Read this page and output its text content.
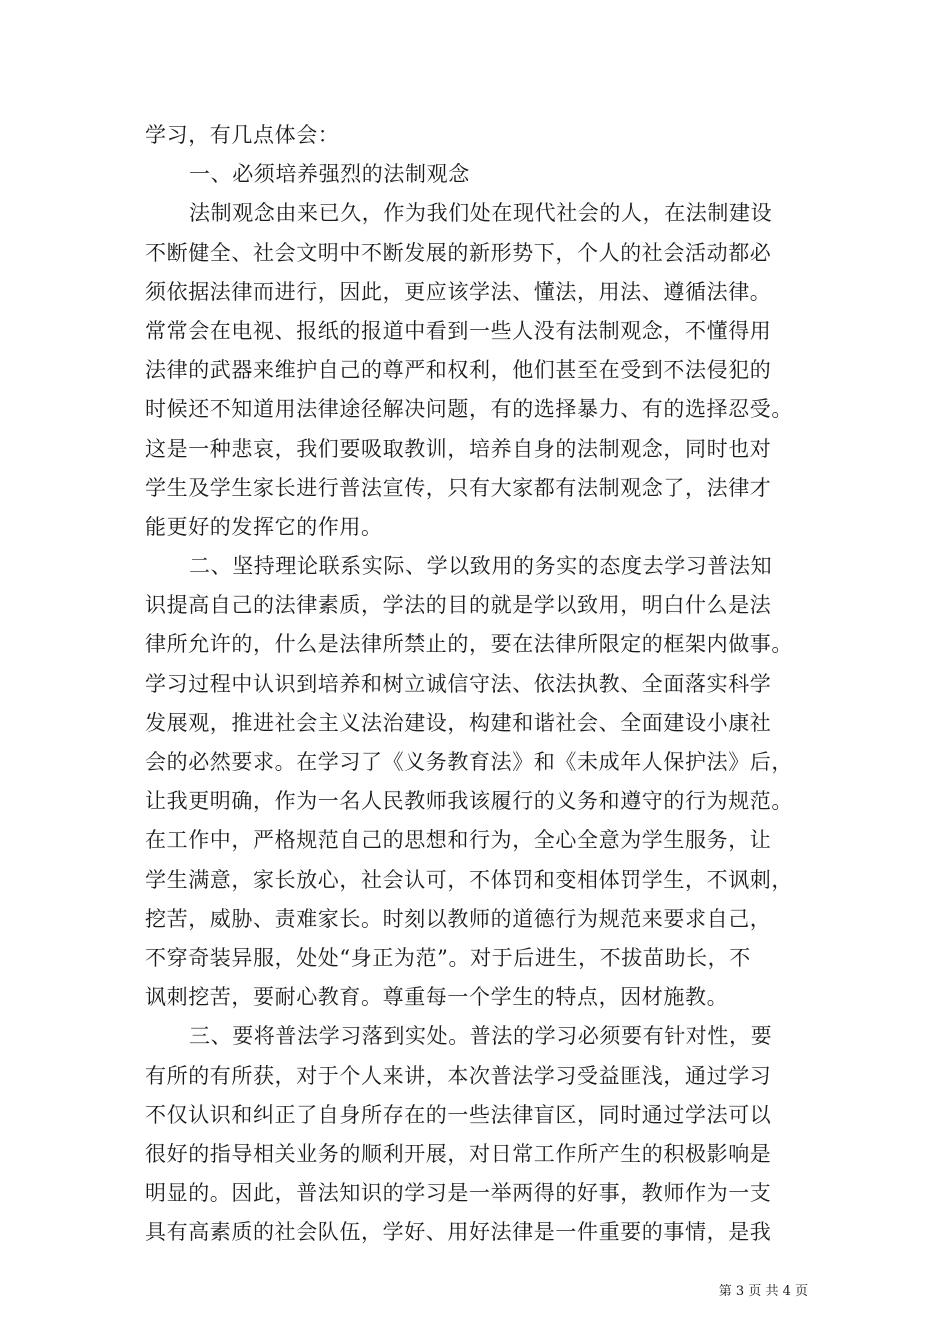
学习，有几点体会：
一、必须培养强烈的法制观念
法制观念由来已久，作为我们处在现代社会的人，在法制建设
不断健全、社会文明中不断发展的新形势下，个人的社会活动都必
须依据法律而进行，因此，更应该学法、懂法，用法、遵循法律。
常常会在电视、报纸的报道中看到一些人没有法制观念，不懂得用
法律的武器来维护自己的尊严和权利，他们甚至在受到不法侵犯的
时候还不知道用法律途径解决问题，有的选择暴力、有的选择忍受。
这是一种悲哀，我们要吸取教训，培养自身的法制观念，同时也对
学生及学生家长进行普法宣传，只有大家都有法制观念了，法律才
能更好的发挥它的作用。
二、坚持理论联系实际、学以致用的务实的态度去学习普法知
识提高自己的法律素质，学法的目的就是学以致用，明白什么是法
律所允许的，什么是法律所禁止的，要在法律所限定的框架内做事。
学习过程中认识到培养和树立诚信守法、依法执教、全面落实科学
发展观，推进社会主义法治建设，构建和谐社会、全面建设小康社
会的必然要求。在学习了《义务教育法》和《未成年人保护法》后，
让我更明确，作为一名人民教师我该履行的义务和遵守的行为规范。
在工作中，严格规范自己的思想和行为，全心全意为学生服务，让
学生满意，家长放心，社会认可，不体罚和变相体罚学生，不讽刺，
挖苦，威胁、责难家长。时刻以教师的道德行为规范来要求自己，
不穿奇装异服，处处“身正为范”。对于后进生，不拔苗助长，不
讽刺挖苦，要耐心教育。尊重每一个学生的特点，因材施教。
三、要将普法学习落到实处。普法的学习必须要有针对性，要
有所的有所获，对于个人来讲，本次普法学习受益匪浅，通过学习
不仅认识和纠正了自身所存在的一些法律盲区，同时通过学法可以
很好的指导相关业务的顺利开展，对日常工作所产生的积极影响是
明显的。因此，普法知识的学习是一举两得的好事，教师作为一支
具有高素质的社会队伍，学好、用好法律是一件重要的事情，是我
第 3 页 共 4 页
